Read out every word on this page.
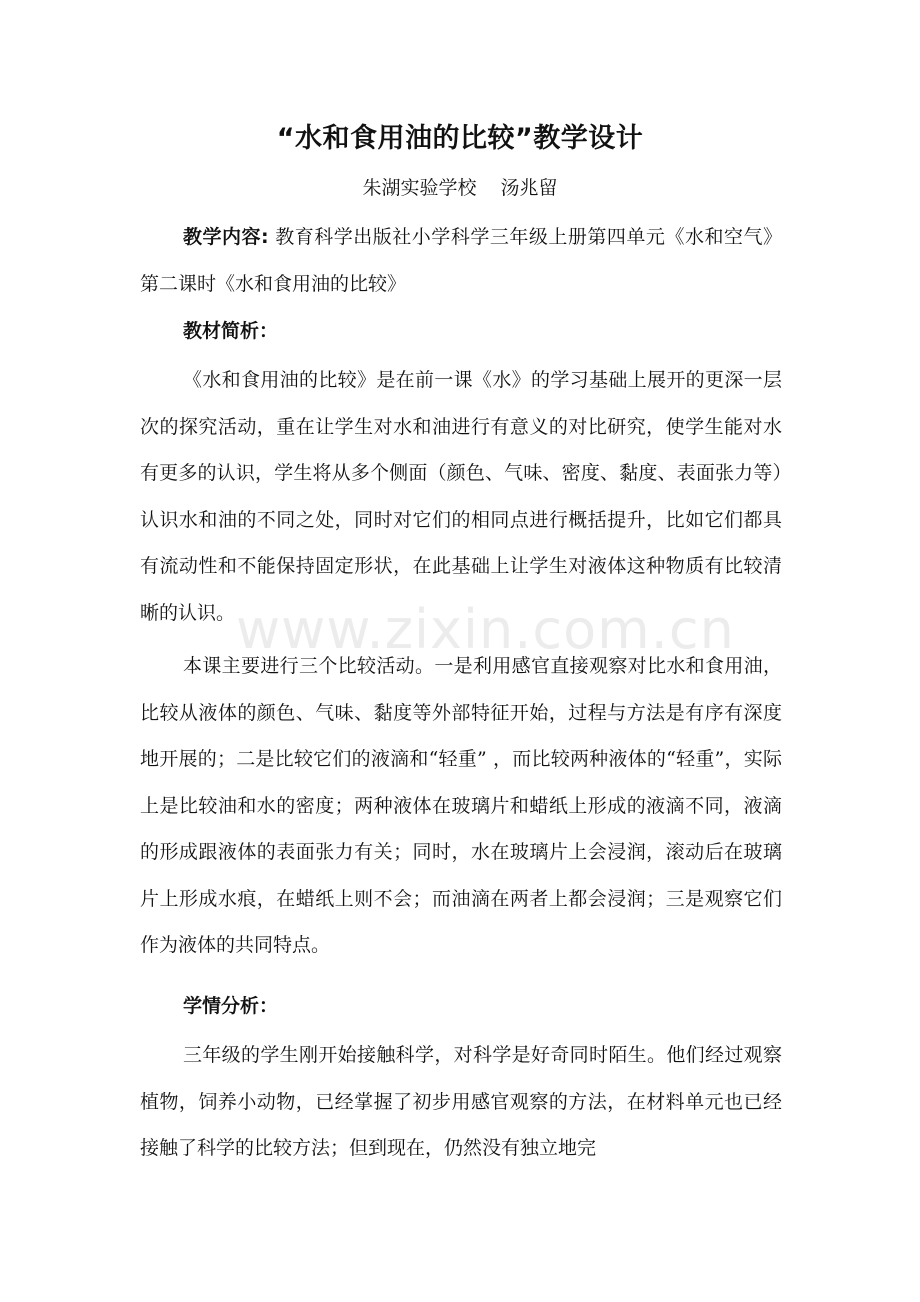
“水和食用油的比较”教学设计

朱湖实验学校 汤兆留

教学内容: 教育科学出版社小学科学三年级上册第四单元《水和空气》第二课时《水和食用油的比较》

教材简析：

《水和食用油的比较》是在前一课《水》的学习基础上展开的更深一层次的探究活动，重在让学生对水和油进行有意义的对比研究，使学生能对水有更多的认识，学生将从多个侧面（颜色、气味、密度、黏度、表面张力等）认识水和油的不同之处，同时对它们的相同点进行概括提升，比如它们都具有流动性和不能保持固定形状，在此基础上让学生对液体这种物质有比较清晰的认识。

本课主要进行三个比较活动。一是利用感官直接观察对比水和食用油，比较从液体的颜色、气味、黏度等外部特征开始，过程与方法是有序有深度地开展的；二是比较它们的液滴和“轻重” ，而比较两种液体的“轻重”，实际上是比较油和水的密度；两种液体在玻璃片和蜡纸上形成的液滴不同，液滴的形成跟液体的表面张力有关；同时，水在玻璃片上会浸润，滚动后在玻璃片上形成水痕，在蜡纸上则不会；而油滴在两者上都会浸润；三是观察它们作为液体的共同特点。

学情分析：

三年级的学生刚开始接触科学，对科学是好奇同时陌生。他们经过观察植物，饲养小动物，已经掌握了初步用感官观察的方法，在材料单元也已经接触了科学的比较方法；但到现在，仍然没有独立地完

www.zixin.com.cn
